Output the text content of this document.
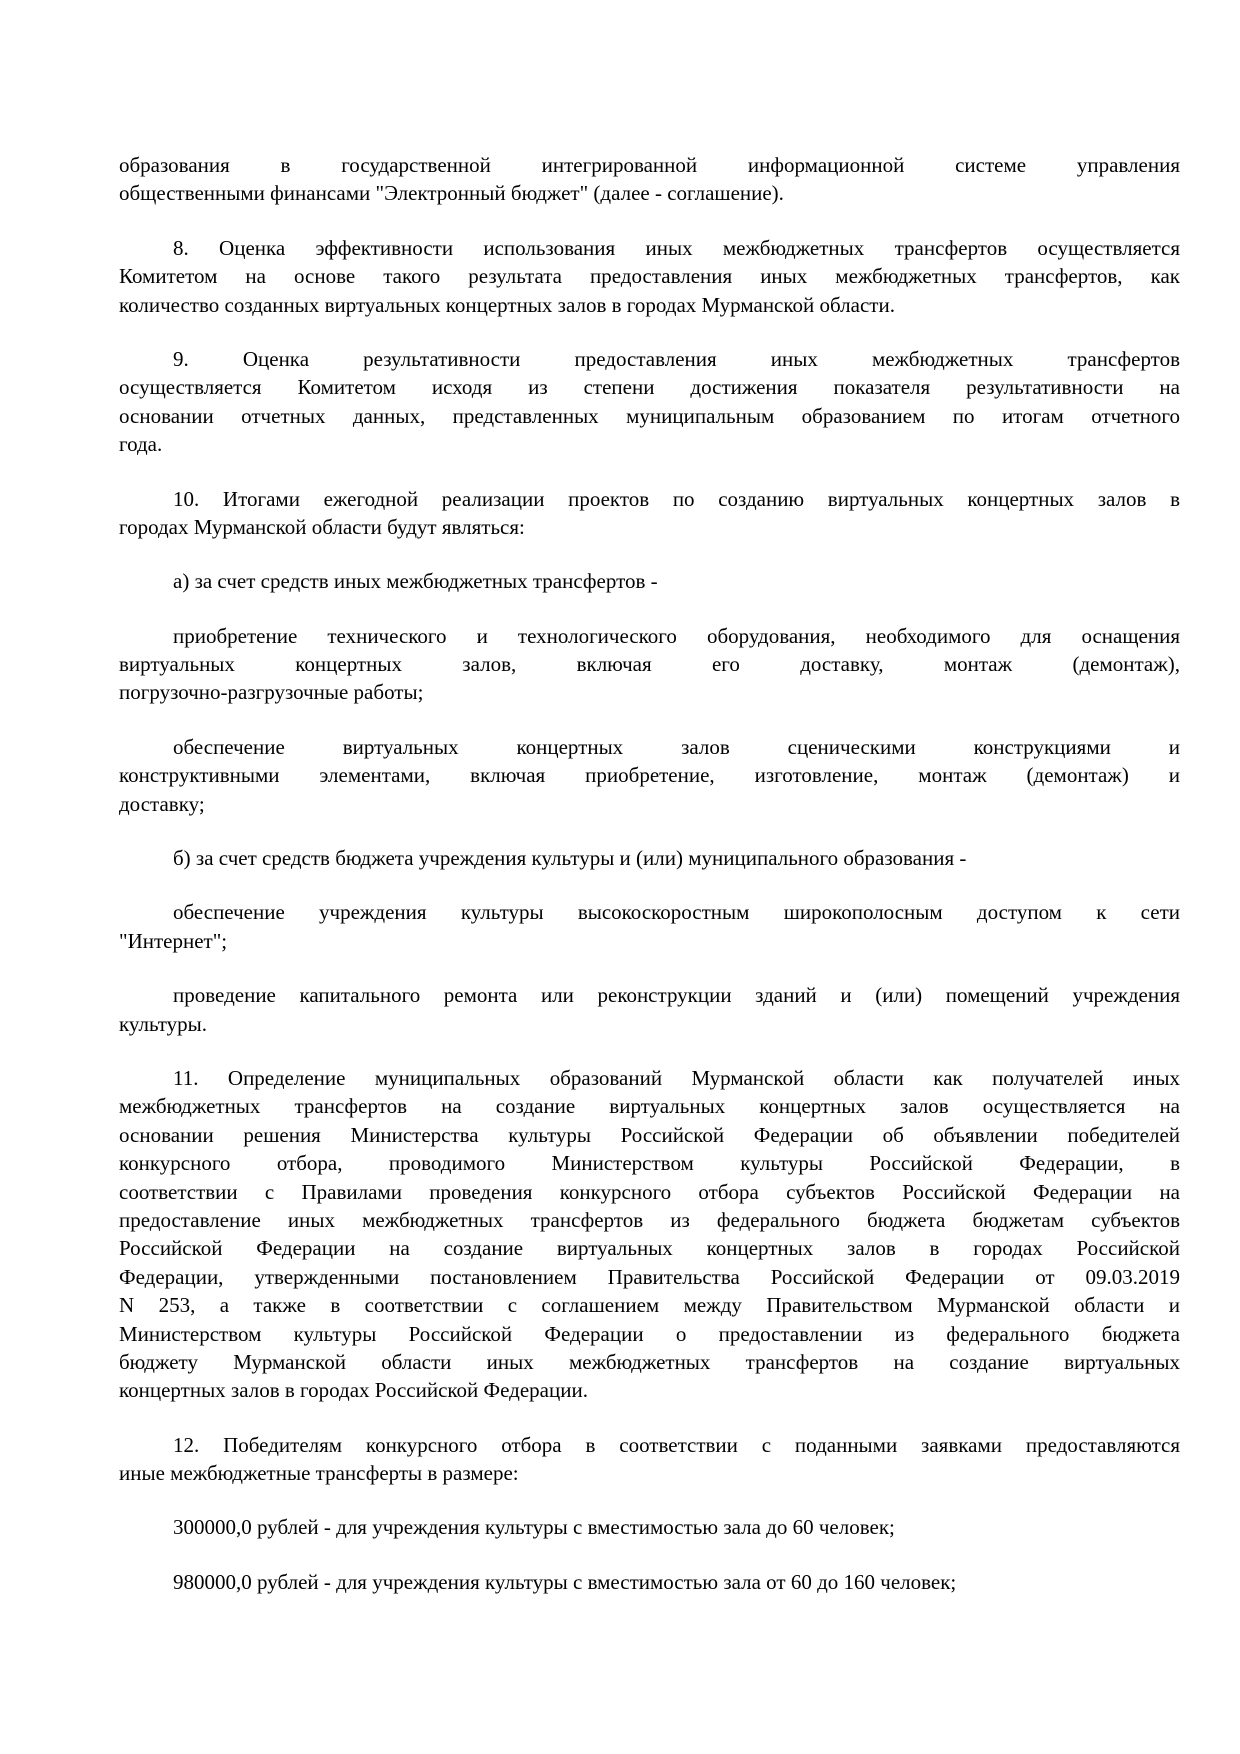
образования в государственной интегрированной информационной системе управления
общественными финансами "Электронный бюджет" (далее - соглашение).
8. Оценка эффективности использования иных межбюджетных трансфертов осуществляется
Комитетом на основе такого результата предоставления иных межбюджетных трансфертов, как
количество созданных виртуальных концертных залов в городах Мурманской области.
9. Оценка результативности предоставления иных межбюджетных трансфертов
осуществляется Комитетом исходя из степени достижения показателя результативности на
основании отчетных данных, представленных муниципальным образованием по итогам отчетного
года.
10. Итогами ежегодной реализации проектов по созданию виртуальных концертных залов в
городах Мурманской области будут являться:
а) за счет средств иных межбюджетных трансфертов -
приобретение технического и технологического оборудования, необходимого для оснащения
виртуальных концертных залов, включая его доставку, монтаж (демонтаж),
погрузочно-разгрузочные работы;
обеспечение виртуальных концертных залов сценическими конструкциями и
конструктивными элементами, включая приобретение, изготовление, монтаж (демонтаж) и
доставку;
б) за счет средств бюджета учреждения культуры и (или) муниципального образования -
обеспечение учреждения культуры высокоскоростным широкополосным доступом к сети
"Интернет";
проведение капитального ремонта или реконструкции зданий и (или) помещений учреждения
культуры.
11. Определение муниципальных образований Мурманской области как получателей иных
межбюджетных трансфертов на создание виртуальных концертных залов осуществляется на
основании решения Министерства культуры Российской Федерации об объявлении победителей
конкурсного отбора, проводимого Министерством культуры Российской Федерации, в
соответствии с Правилами проведения конкурсного отбора субъектов Российской Федерации на
предоставление иных межбюджетных трансфертов из федерального бюджета бюджетам субъектов
Российской Федерации на создание виртуальных концертных залов в городах Российской
Федерации, утвержденными постановлением Правительства Российской Федерации от 09.03.2019
N 253, а также в соответствии с соглашением между Правительством Мурманской области и
Министерством культуры Российской Федерации о предоставлении из федерального бюджета
бюджету Мурманской области иных межбюджетных трансфертов на создание виртуальных
концертных залов в городах Российской Федерации.
12. Победителям конкурсного отбора в соответствии с поданными заявками предоставляются
иные межбюджетные трансферты в размере:
300000,0 рублей - для учреждения культуры с вместимостью зала до 60 человек;
980000,0 рублей - для учреждения культуры с вместимостью зала от 60 до 160 человек;
